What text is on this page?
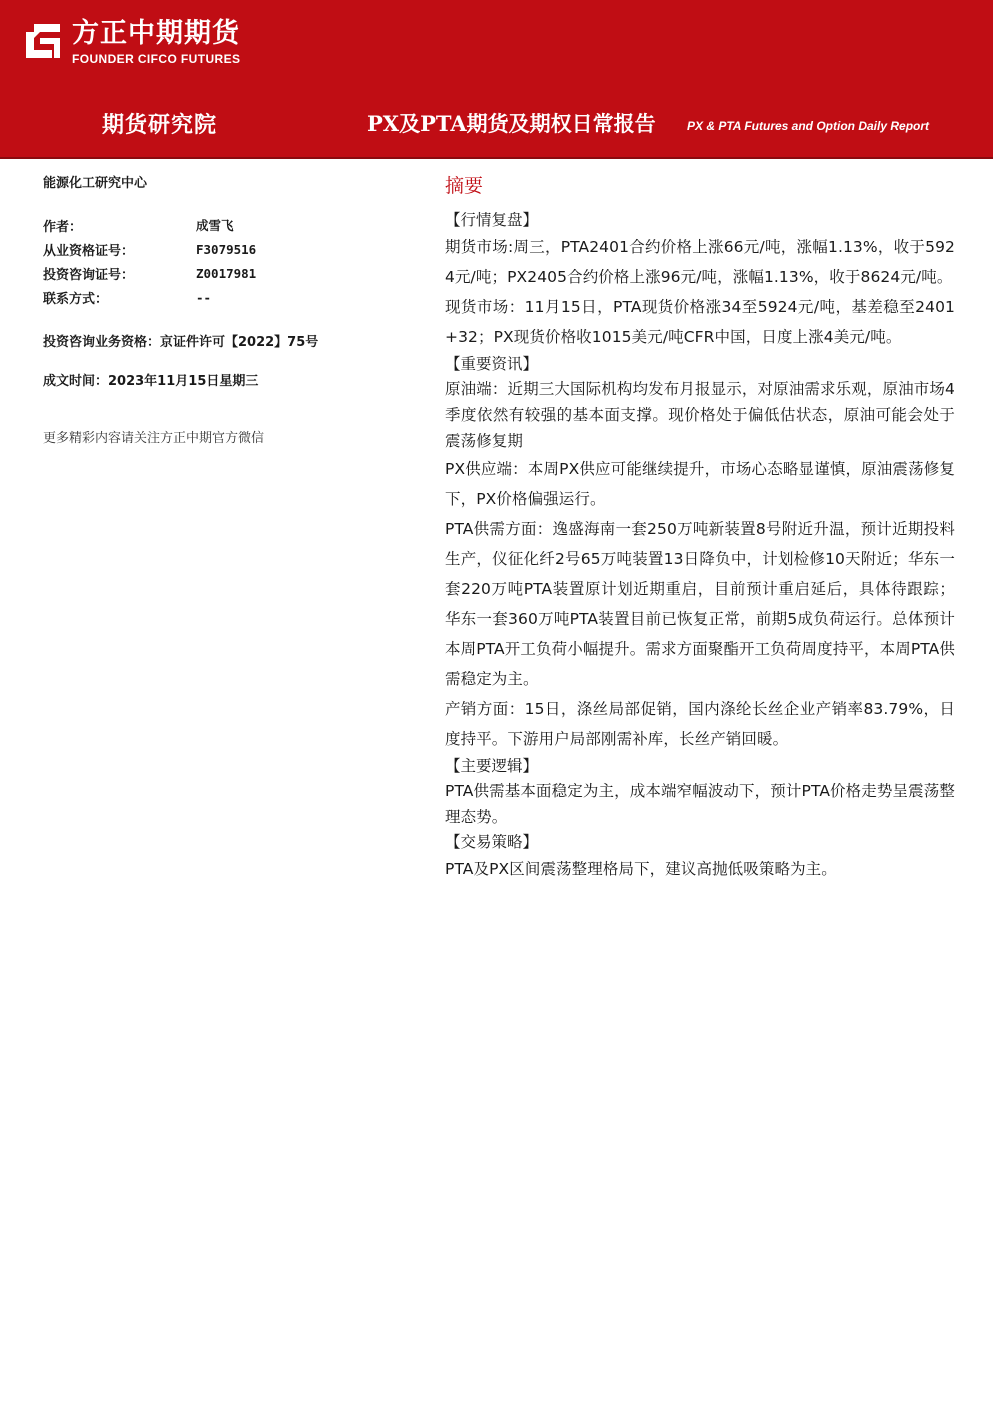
方正中期期货
FOUNDER CIFCO FUTURES
期货研究院	PX及PTA期货及期权日常报告	PX & PTA Futures and Option Daily Report
能源化工研究中心
作者：	成雪飞
从业资格证号：	F3079516
投资咨询证号：	Z0017981
联系方式：	--
投资咨询业务资格：京证件许可【2022】75号
成文时间：2023年11月15日星期三
更多精彩内容请关注方正中期官方微信
摘要
【行情复盘】
期货市场:周三，PTA2401合约价格上涨66元/吨，涨幅1.13%，收于5924元/吨；PX2405合约价格上涨96元/吨，涨幅1.13%，收于8624元/吨。
现货市场：11月15日，PTA现货价格涨34至5924元/吨，基差稳至2401+32；PX现货价格收1015美元/吨CFR中国，日度上涨4美元/吨。
【重要资讯】
原油端：近期三大国际机构均发布月报显示，对原油需求乐观，原油市场4季度依然有较强的基本面支撑。现价格处于偏低估状态，原油可能会处于震荡修复期
PX供应端：本周PX供应可能继续提升，市场心态略显谨慎，原油震荡修复下，PX价格偏强运行。
PTA供需方面：逸盛海南一套250万吨新装置8号附近升温，预计近期投料生产，仪征化纤2号65万吨装置13日降负中，计划检修10天附近；华东一套220万吨PTA装置原计划近期重启，目前预计重启延后，具体待跟踪；华东一套360万吨PTA装置目前已恢复正常，前期5成负荷运行。总体预计本周PTA开工负荷小幅提升。需求方面聚酯开工负荷周度持平，本周PTA供需稳定为主。
产销方面：15日，涤丝局部促销，国内涤纶长丝企业产销率83.79%，日度持平。下游用户局部刚需补库，长丝产销回暖。
【主要逻辑】
PTA供需基本面稳定为主，成本端窄幅波动下，预计PTA价格走势呈震荡整理态势。
【交易策略】
PTA及PX区间震荡整理格局下，建议高抛低吸策略为主。
